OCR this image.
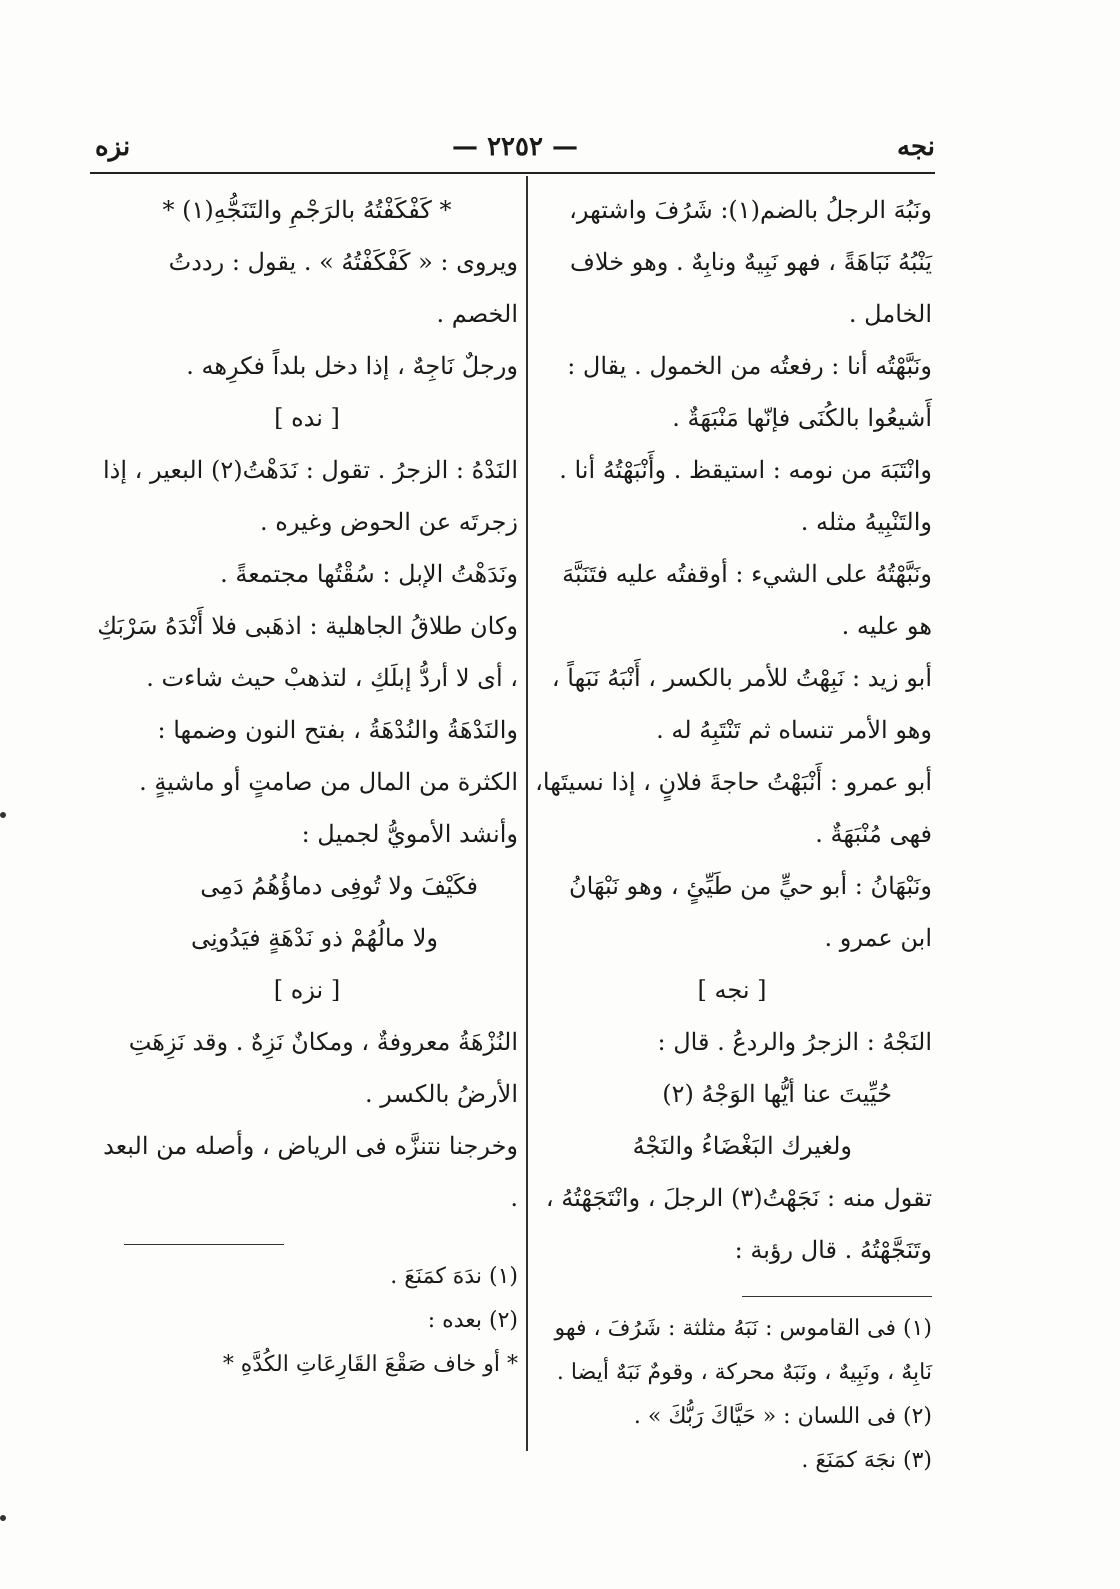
نزه	— ٢٢٥٢ —	نجه

ونَبُهَ الرجلُ بالضم(١): شَرُفَ واشتهر، يَنْبُهُ نَبَاهَةً ، فهو نَبِيهٌ ونابِهٌ . وهو خلاف الخامل .

ونَبَّهْتُه أنا : رفعتُه من الخمول . يقال : أَشيعُوا بالكُنَى فإنّها مَنْبَهَةٌ .

وانْتَبَهَ من نومه : استيقظ . وأَنْبَهْتُهُ أنا . والتَنْبِيهُ مثله .

ونَبَّهْتُهُ على الشيء : أوقفتُه عليه فتَنَبَّهَ هو عليه .

أبو زيد : نَبِهْتُ للأمر بالكسر ، أَنْبَهُ نَبَهاً ، وهو الأمر تنساه ثم تَنْتَبِهُ له .

أبو عمرو : أَنْبَهْتُ حاجةَ فلانٍ ، إذا نسيتَها، فهى مُنْبَهَةٌ .

ونَبْهَانُ : أبو حيٍّ من طَيِّئٍ ، وهو نَبْهَانُ ابن عمرو .

[ نجه ]

النَجْهُ : الزجرُ والردعُ . قال :

حُيِّيتَ عنا أيُّها الوَجْهُ (٢)

ولغيرك البَغْضَاءُ والنَجْهُ

تقول منه : نَجَهْتُ(٣) الرجلَ ، وانْتَجَهْتُهُ ، وتَنَجَّهْتُهُ . قال رؤبة :

(١) فى القاموس : نَبَهُ مثلثة : شَرُفَ ، فهو نَابِهٌ ، ونَبِيهٌ ، ونَبَهٌ محركة ، وقومٌ نَبَهٌ أيضا .

(٢) فى اللسان : « حَيَّاكَ رَبُّكَ » .

(٣) نجَهَ كمَنَعَ .

* كَفْكَفْتُهُ بالرَجْمِ والتَنَجُّهِ(١) *

ويروى : « كَفْكَفْتُهُ » . يقول : رددتُ الخصم .

ورجلٌ نَاجِهٌ ، إذا دخل بلداً فكرِهه .

[ نده ]

النَدْهُ : الزجرُ . تقول : نَدَهْتُ(٢) البعير ، إذا زجرتَه عن الحوض وغيره .

ونَدَهْتُ الإبل : سُقْتُها مجتمعةً .

وكان طلاقُ الجاهلية : اذهَبى فلا أَنْدَهُ سَرْبَكِ ، أى لا أردُّ إبلَكِ ، لتذهبْ حيث شاءت .

والنَدْهَةُ والنُدْهَةُ ، بفتح النون وضمها : الكثرة من المال من صامتٍ أو ماشيةٍ . وأنشد الأمويُّ لجميل :

فكَيْفَ ولا تُوفِى دماؤُهُمُ دَمِى

ولا مالُهُمْ ذو نَدْهَةٍ فيَدُونِى

[ نزه ]

النُزْهَةُ معروفةٌ ، ومكانٌ نَزِهٌ . وقد نَزِهَتِ الأرضُ بالكسر .

وخرجنا نتنزَّه فى الرياض ، وأصله من البعد .

(١) ندَهَ كمَنَعَ .

(٢) بعده :

* أو خاف صَقْعَ القَارِعَاتِ الكُدَّهِ *
